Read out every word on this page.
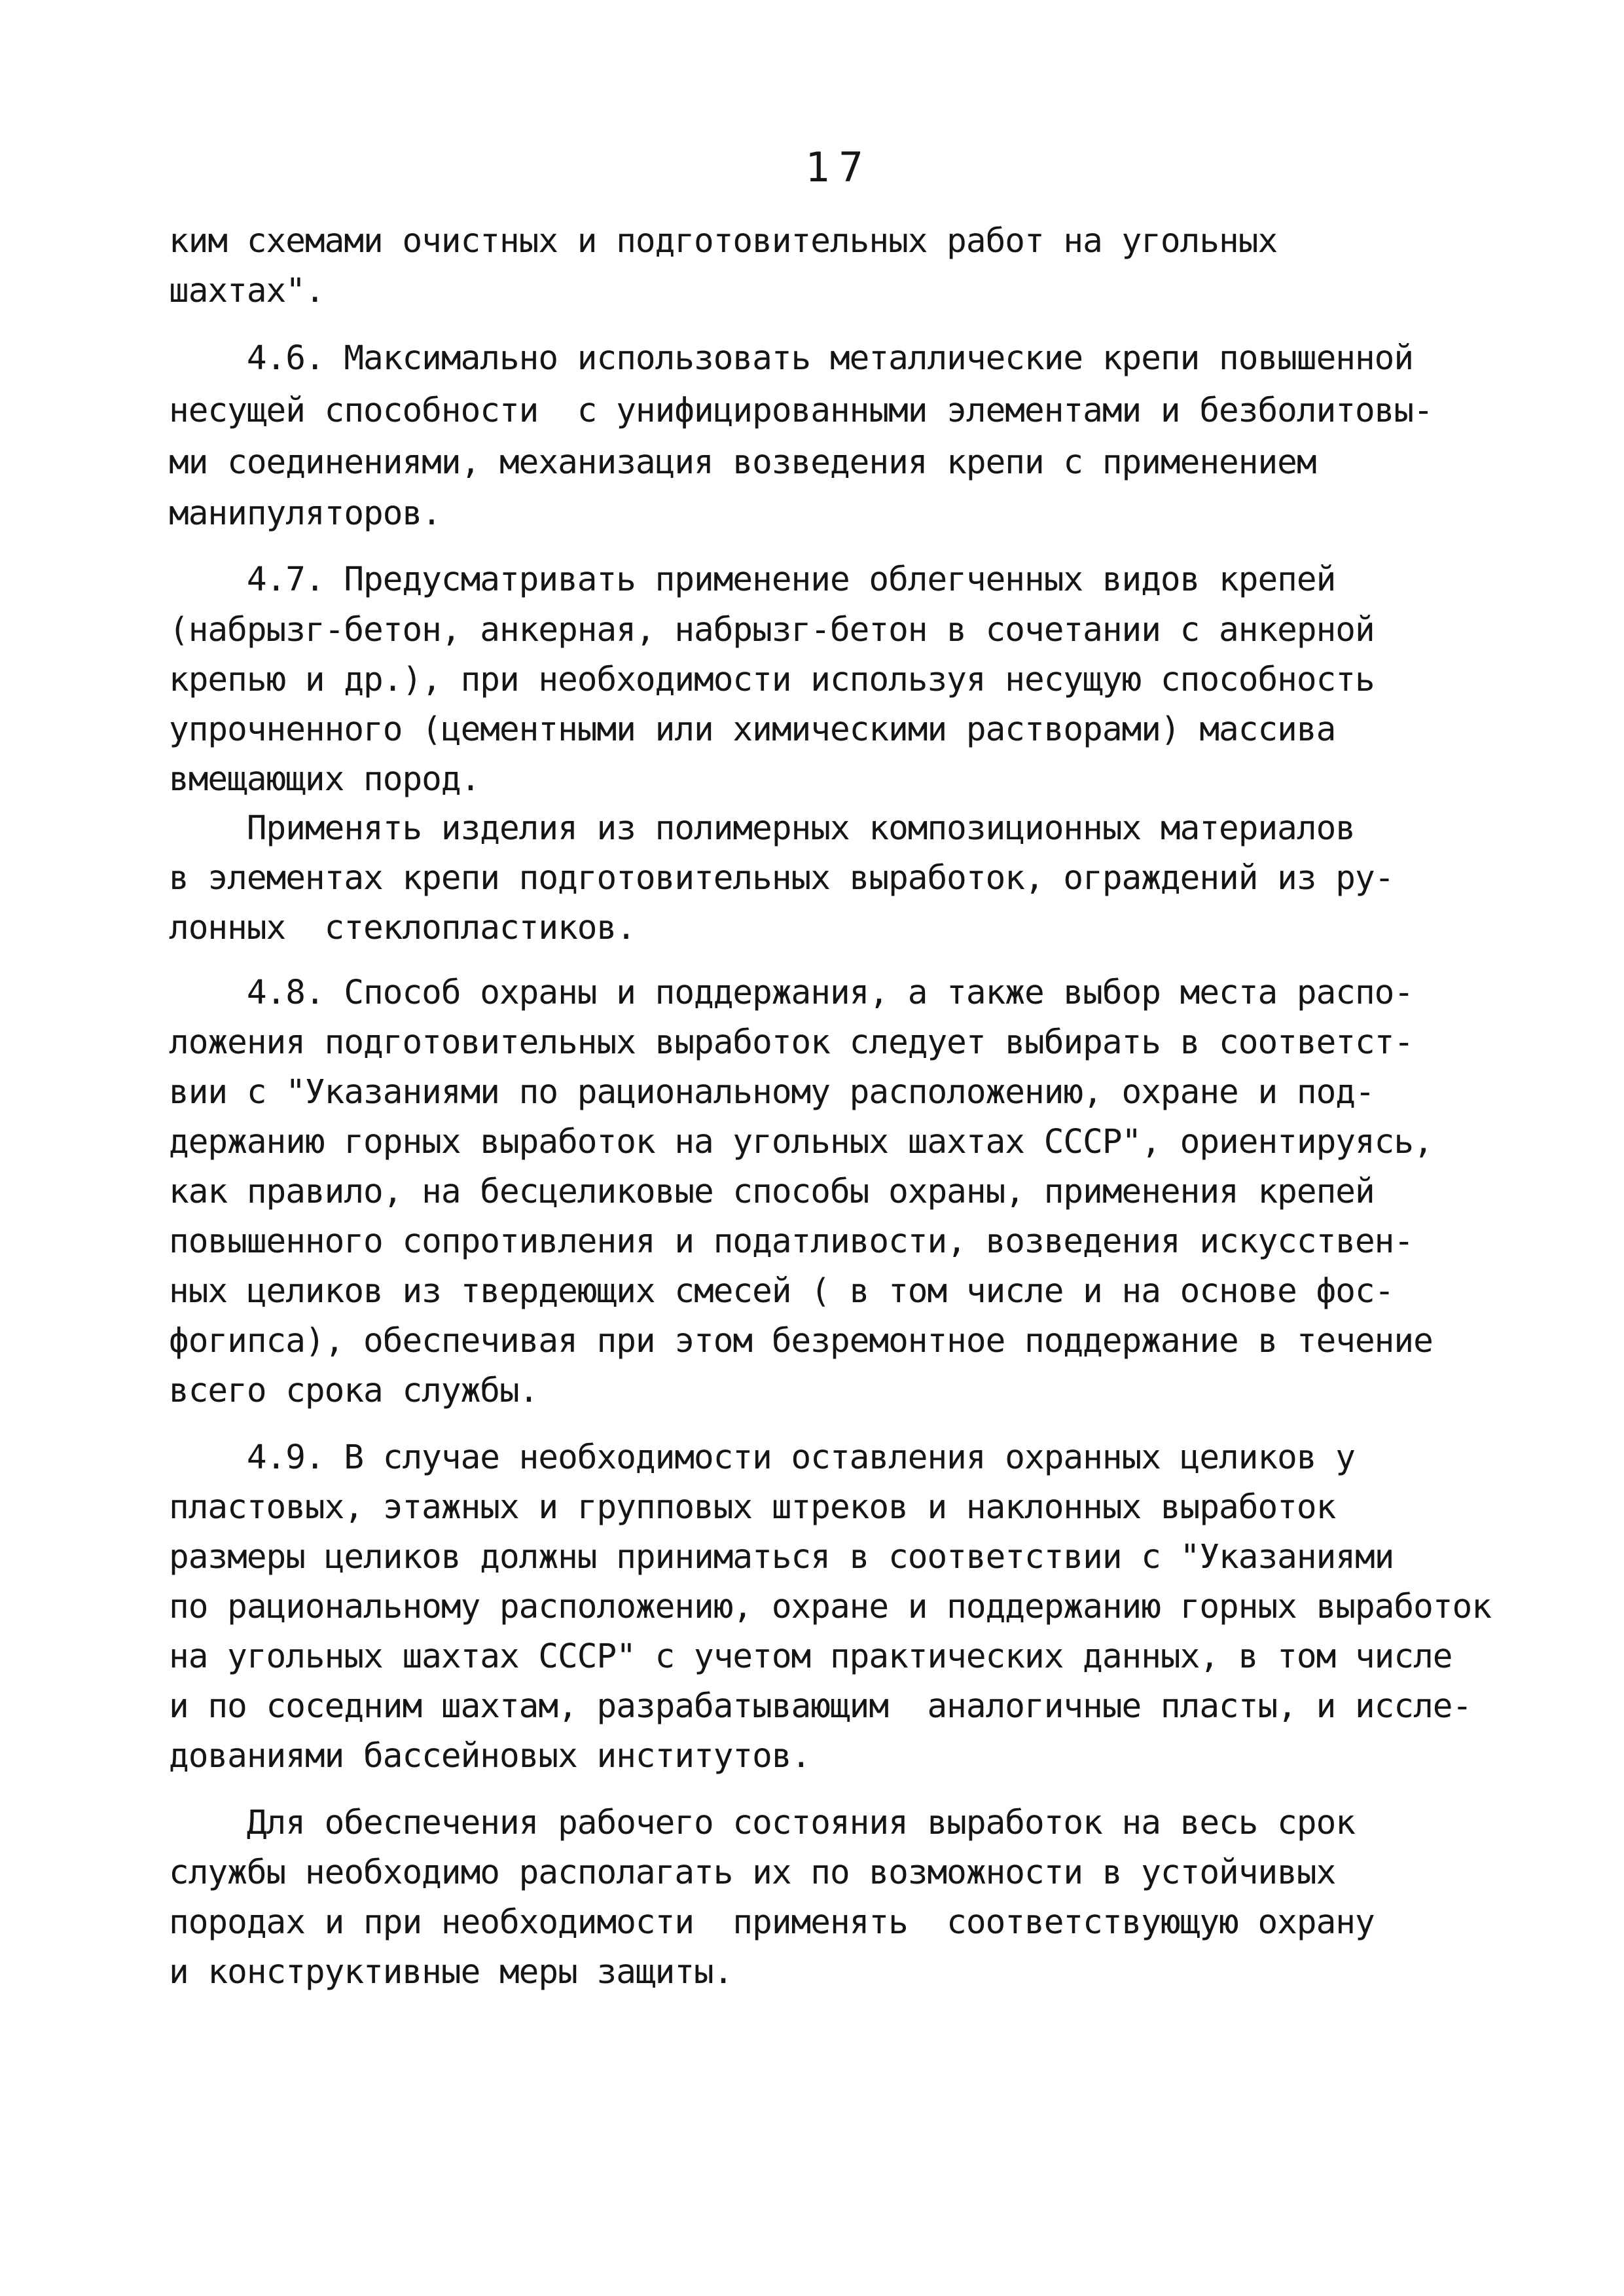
17
ким схемами очистных и подготовительных работ на угольных
шахтах".
4.6. Максимально использовать металлические крепи повышенной
несущей способности  с унифицированными элементами и безболитовы-
ми соединениями, механизация возведения крепи с применением
манипуляторов.
4.7. Предусматривать применение облегченных видов крепей
(набрызг-бетон, анкерная, набрызг-бетон в сочетании с анкерной
крепью и др.), при необходимости используя несущую способность
упрочненного (цементными или химическими растворами) массива
вмещающих пород.
Применять изделия из полимерных композиционных материалов
в элементах крепи подготовительных выработок, ограждений из ру-
лонных  стеклопластиков.
4.8. Способ охраны и поддержания, а также выбор места распо-
ложения подготовительных выработок следует выбирать в соответст-
вии с "Указаниями по рациональному расположению, охране и под-
держанию горных выработок на угольных шахтах СССР", ориентируясь,
как правило, на бесцеликовые способы охраны, применения крепей
повышенного сопротивления и податливости, возведения искусствен-
ных целиков из твердеющих смесей ( в том числе и на основе фос-
фогипса), обеспечивая при этом безремонтное поддержание в течение
всего срока службы.
4.9. В случае необходимости оставления охранных целиков у
пластовых, этажных и групповых штреков и наклонных выработок
размеры целиков должны приниматься в соответствии с "Указаниями
по рациональному расположению, охране и поддержанию горных выработок
на угольных шахтах СССР" с учетом практических данных, в том числе
и по соседним шахтам, разрабатывающим  аналогичные пласты, и иссле-
дованиями бассейновых институтов.
Для обеспечения рабочего состояния выработок на весь срок
службы необходимо располагать их по возможности в устойчивых
породах и при необходимости  применять  соответствующую охрану
и конструктивные меры защиты.
